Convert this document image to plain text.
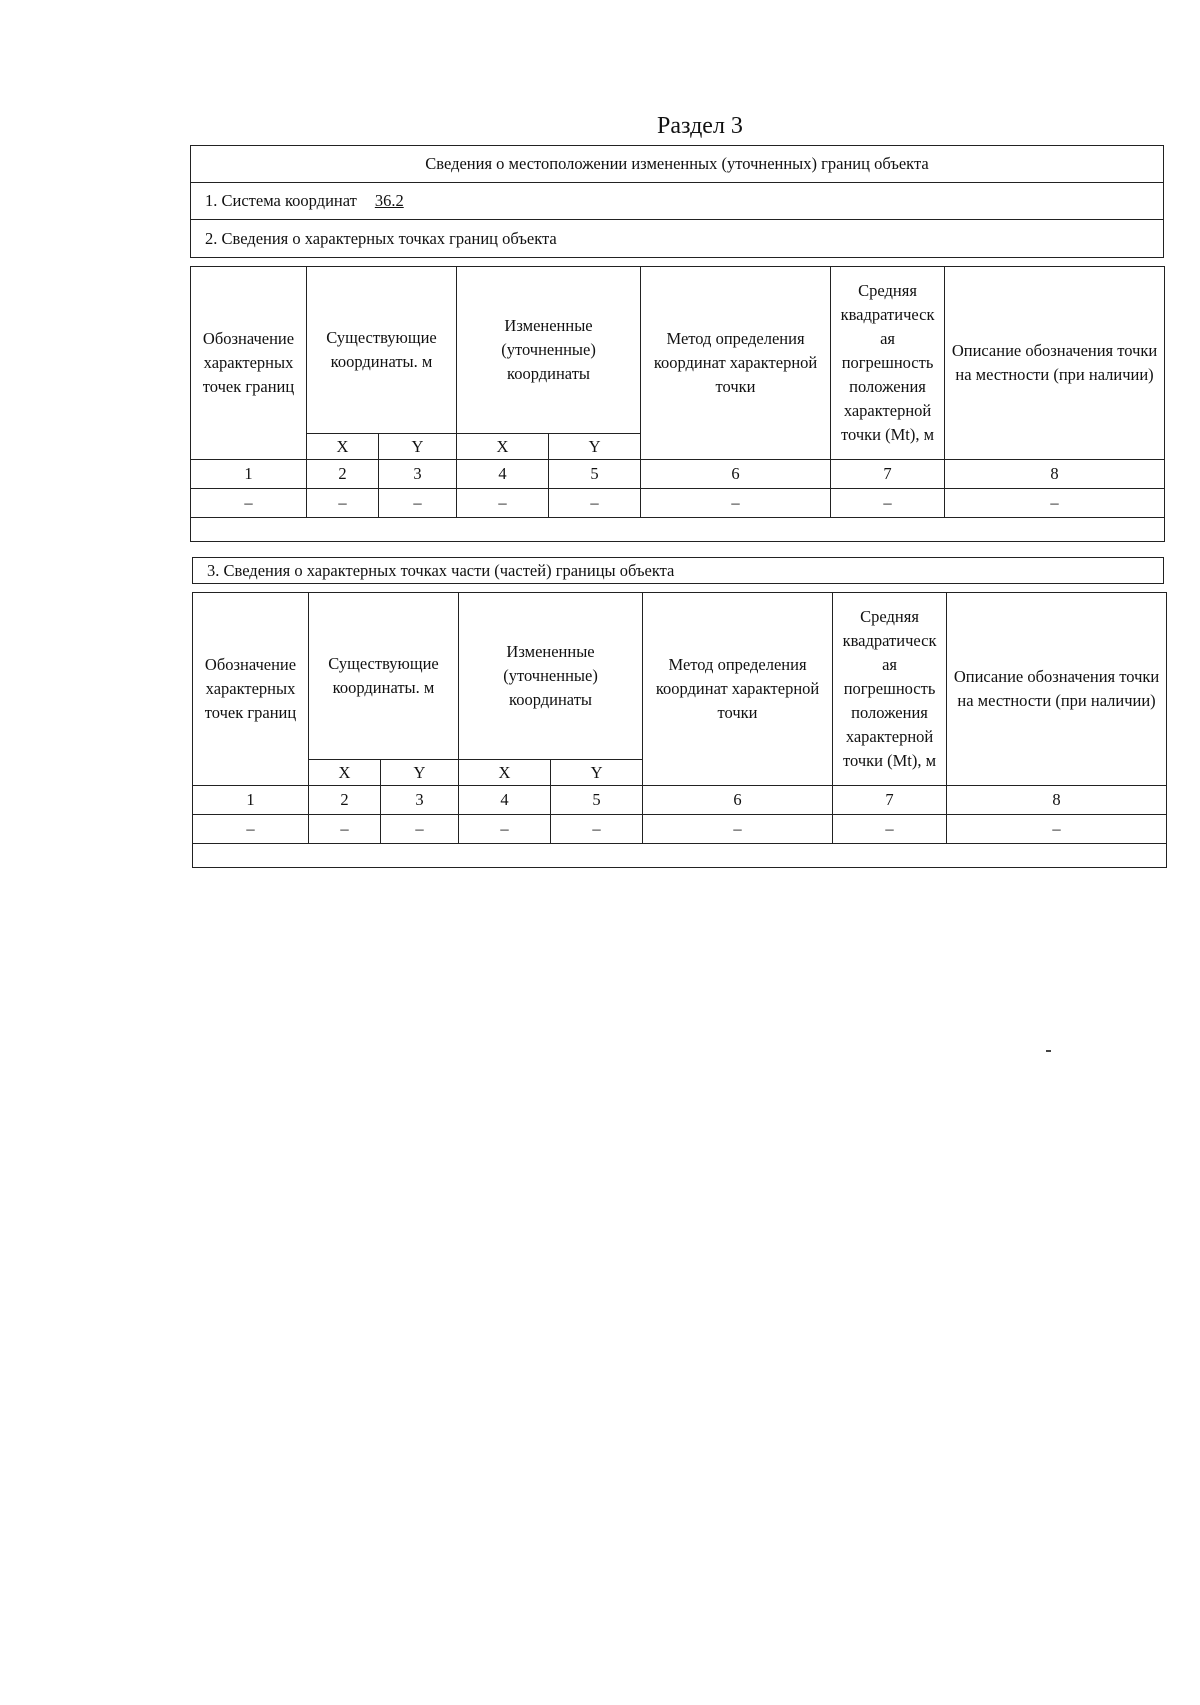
Раздел 3
Сведения о местоположении измененных (уточненных) границ объекта
1. Система координат 36.2
2. Сведения о характерных точках границ объекта
Обозначение характерных точек границ	Существующие координаты. м		Измененные (уточненные) координаты		Метод определения координат характерной точки	Средняя квадратическ ая погрешность положения характерной точки (Mt), м	Описание обозначения точки на местности (при наличии)
	X	Y	X	Y			
1	2	3	4	5	6	7	8
–	–	–	–	–	–	–	–

3. Сведения о характерных точках части (частей) границы объекта
Обозначение характерных точек границ	Существующие координаты. м		Измененные (уточненные) координаты		Метод определения координат характерной точки	Средняя квадратическ ая погрешность положения характерной точки (Mt), м	Описание обозначения точки на местности (при наличии)
	X	Y	X	Y			
1	2	3	4	5	6	7	8
–	–	–	–	–	–	–	–
